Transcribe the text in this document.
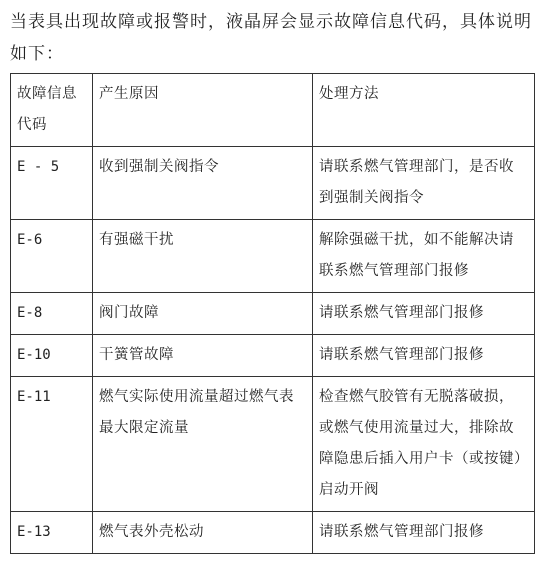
当表具出现故障或报警时，液晶屏会显示故障信息代码，具体说明如下：

故障信息代码	产生原因	处理方法
E - 5	收到强制关阀指令	请联系燃气管理部门，是否收到强制关阀指令
E-6	有强磁干扰	解除强磁干扰，如不能解决请联系燃气管理部门报修
E-8	阀门故障	请联系燃气管理部门报修
E-10	干簧管故障	请联系燃气管理部门报修
E-11	燃气实际使用流量超过燃气表最大限定流量	检查燃气胶管有无脱落破损，或燃气使用流量过大，排除故障隐患后插入用户卡（或按键）启动开阀
E-13	燃气表外壳松动	请联系燃气管理部门报修
